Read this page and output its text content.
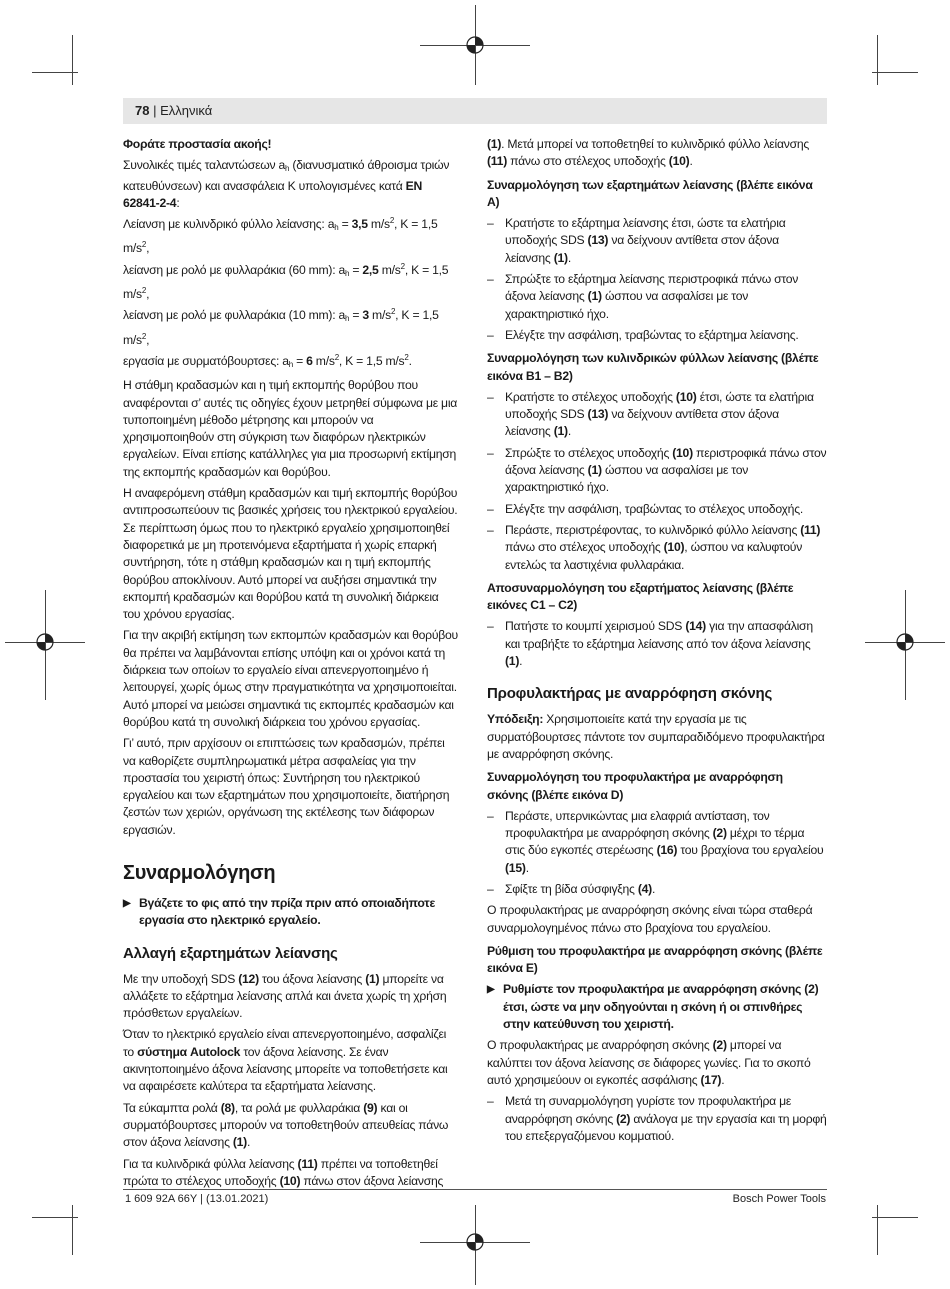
78 | Ελληνικά

Φοράτε προστασία ακοής!

Συνολικές τιμές ταλαντώσεων $a_h$ (διανυσματικό άθροισμα τριών κατευθύνσεων) και ανασφάλεια K υπολογισμένες κατά EN 62841-2-4:
Λείανση με κυλινδρικό φύλλο λείανσης: $a_h = 3,5$ $m/s^2$, K = 1,5 $m/s^2$,
λείανση με ρολό με φυλλαράκια (60 mm): $a_h = 2,5$ $m/s^2$, K = 1,5 $m/s^2$,
λείανση με ρολό με φυλλαράκια (10 mm): $a_h = 3$ $m/s^2$, K = 1,5 $m/s^2$,
εργασία με συρματόβουρτσες: $a_h = 6$ $m/s^2$, K = 1,5 $m/s^2$.

Η στάθμη κραδασμών και η τιμή εκπομπής θορύβου που αναφέρονται σ’ αυτές τις οδηγίες έχουν μετρηθεί σύμφωνα με μια τυποποιημένη μέθοδο μέτρησης και μπορούν να χρησιμοποιηθούν στη σύγκριση των διαφόρων ηλεκτρικών εργαλείων. Είναι επίσης κατάλληλες για μια προσωρινή εκτίμηση της εκπομπής κραδασμών και θορύβου.

Η αναφερόμενη στάθμη κραδασμών και τιμή εκπομπής θορύβου αντιπροσωπεύουν τις βασικές χρήσεις του ηλεκτρικού εργαλείου. Σε περίπτωση όμως που το ηλεκτρικό εργαλείο χρησιμοποιηθεί διαφορετικά με μη προτεινόμενα εξαρτήματα ή χωρίς επαρκή συντήρηση, τότε η στάθμη κραδασμών και η τιμή εκπομπής θορύβου αποκλίνουν. Αυτό μπορεί να αυξήσει σημαντικά την εκπομπή κραδασμών και θορύβου κατά τη συνολική διάρκεια του χρόνου εργασίας.

Για την ακριβή εκτίμηση των εκπομπών κραδασμών και θορύβου θα πρέπει να λαμβάνονται επίσης υπόψη και οι χρόνοι κατά τη διάρκεια των οποίων το εργαλείο είναι απενεργοποιημένο ή λειτουργεί, χωρίς όμως στην πραγματικότητα να χρησιμοποιείται. Αυτό μπορεί να μειώσει σημαντικά τις εκπομπές κραδασμών και θορύβου κατά τη συνολική διάρκεια του χρόνου εργασίας.

Γι’ αυτό, πριν αρχίσουν οι επιπτώσεις των κραδασμών, πρέπει να καθορίζετε συμπληρωματικά μέτρα ασφαλείας για την προστασία του χειριστή όπως: Συντήρηση του ηλεκτρικού εργαλείου και των εξαρτημάτων που χρησιμοποιείτε, διατήρηση ζεστών των χεριών, οργάνωση της εκτέλεσης των διάφορων εργασιών.

Συναρμολόγηση
▶ Βγάζετε το φις από την πρίζα πριν από οποιαδήποτε εργασία στο ηλεκτρικό εργαλείο.
Αλλαγή εξαρτημάτων λείανσης

Με την υποδοχή SDS (12) του άξονα λείανσης (1) μπορείτε να αλλάξετε το εξάρτημα λείανσης απλά και άνετα χωρίς τη χρήση πρόσθετων εργαλείων.

Όταν το ηλεκτρικό εργαλείο είναι απενεργοποιημένο, ασφαλίζει το σύστημα Autolock τον άξονα λείανσης. Σε έναν ακινητοποιημένο άξονα λείανσης μπορείτε να τοποθετήσετε και να αφαιρέσετε καλύτερα τα εξαρτήματα λείανσης.

Τα εύκαμπτα ρολά (8), τα ρολά με φυλλαράκια (9) και οι συρματόβουρτσες μπορούν να τοποθετηθούν απευθείας πάνω στον άξονα λείανσης (1).

Για τα κυλινδρικά φύλλα λείανσης (11) πρέπει να τοποθετηθεί πρώτα το στέλεχος υποδοχής (10) πάνω στον άξονα λείανσης

(1). Μετά μπορεί να τοποθετηθεί το κυλινδρικό φύλλο λείανσης (11) πάνω στο στέλεχος υποδοχής (10).

Συναρμολόγηση των εξαρτημάτων λείανσης (βλέπε εικόνα A)
– Κρατήστε το εξάρτημα λείανσης έτσι, ώστε τα ελατήρια υποδοχής SDS (13) να δείχνουν αντίθετα στον άξονα λείανσης (1).
– Σπρώξτε το εξάρτημα λείανσης περιστροφικά πάνω στον άξονα λείανσης (1) ώσπου να ασφαλίσει με τον χαρακτηριστικό ήχο.
– Ελέγξτε την ασφάλιση, τραβώντας το εξάρτημα λείανσης.
Συναρμολόγηση των κυλινδρικών φύλλων λείανσης (βλέπε εικόνα B1 – B2)
– Κρατήστε το στέλεχος υποδοχής (10) έτσι, ώστε τα ελατήρια υποδοχής SDS (13) να δείχνουν αντίθετα στον άξονα λείανσης (1).
– Σπρώξτε το στέλεχος υποδοχής (10) περιστροφικά πάνω στον άξονα λείανσης (1) ώσπου να ασφαλίσει με τον χαρακτηριστικό ήχο.
– Ελέγξτε την ασφάλιση, τραβώντας το στέλεχος υποδοχής.
– Περάστε, περιστρέφοντας, το κυλινδρικό φύλλο λείανσης (11) πάνω στο στέλεχος υποδοχής (10), ώσπου να καλυφτούν εντελώς τα λαστιχένια φυλλαράκια.
Αποσυναρμολόγηση του εξαρτήματος λείανσης (βλέπε εικόνες C1 – C2)
– Πατήστε το κουμπί χειρισμού SDS (14) για την απασφάλιση και τραβήξτε το εξάρτημα λείανσης από τον άξονα λείανσης (1).
Προφυλακτήρας με αναρρόφηση σκόνης

Υπόδειξη: Χρησιμοποιείτε κατά την εργασία με τις συρματόβουρτσες πάντοτε τον συμπαραδιδόμενο προφυλακτήρα με αναρρόφηση σκόνης.

Συναρμολόγηση του προφυλακτήρα με αναρρόφηση σκόνης (βλέπε εικόνα D)
– Περάστε, υπερνικώντας μια ελαφριά αντίσταση, τον προφυλακτήρα με αναρρόφηση σκόνης (2) μέχρι το τέρμα στις δύο εγκοπές στερέωσης (16) του βραχίονα του εργαλείου (15).
– Σφίξτε τη βίδα σύσφιγξης (4).

Ο προφυλακτήρας με αναρρόφηση σκόνης είναι τώρα σταθερά συναρμολογημένος πάνω στο βραχίονα του εργαλείου.

Ρύθμιση του προφυλακτήρα με αναρρόφηση σκόνης (βλέπε εικόνα E)
▶ Ρυθμίστε τον προφυλακτήρα με αναρρόφηση σκόνης (2) έτσι, ώστε να μην οδηγούνται η σκόνη ή οι σπινθήρες στην κατεύθυνση του χειριστή.

Ο προφυλακτήρας με αναρρόφηση σκόνης (2) μπορεί να καλύπτει τον άξονα λείανσης σε διάφορες γωνίες. Για το σκοπό αυτό χρησιμεύουν οι εγκοπές ασφάλισης (17).

– Μετά τη συναρμολόγηση γυρίστε τον προφυλακτήρα με αναρρόφηση σκόνης (2) ανάλογα με την εργασία και τη μορφή του επεξεργαζόμενου κομματιού.
1 609 92A 66Y | (13.01.2021)	Bosch Power Tools
